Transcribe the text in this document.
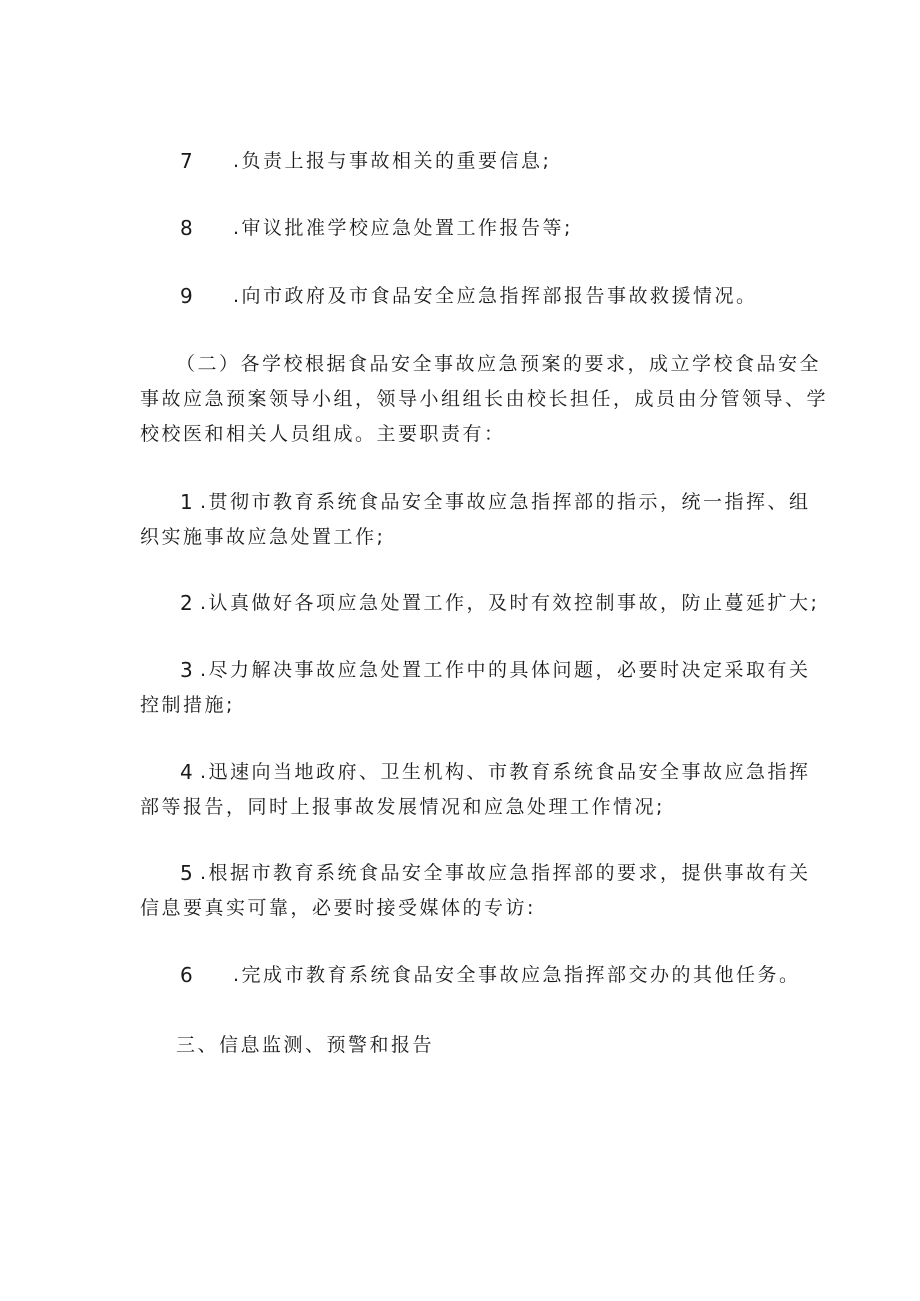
7 .负责上报与事故相关的重要信息;
8 .审议批准学校应急处置工作报告等;
9 .向市政府及市食品安全应急指挥部报告事故救援情况。
（二）各学校根据食品安全事故应急预案的要求，成立学校食品安全
事故应急预案领导小组，领导小组组长由校长担任，成员由分管领导、学
校校医和相关人员组成。主要职责有：
1 .贯彻市教育系统食品安全事故应急指挥部的指示，统一指挥、组
织实施事故应急处置工作;
2 .认真做好各项应急处置工作，及时有效控制事故，防止蔓延扩大;
3 .尽力解决事故应急处置工作中的具体问题，必要时决定采取有关
控制措施;
4 .迅速向当地政府、卫生机构、市教育系统食品安全事故应急指挥
部等报告，同时上报事故发展情况和应急处理工作情况;
5 .根据市教育系统食品安全事故应急指挥部的要求，提供事故有关
信息要真实可靠，必要时接受媒体的专访:
6 .完成市教育系统食品安全事故应急指挥部交办的其他任务。
三、信息监测、预警和报告
